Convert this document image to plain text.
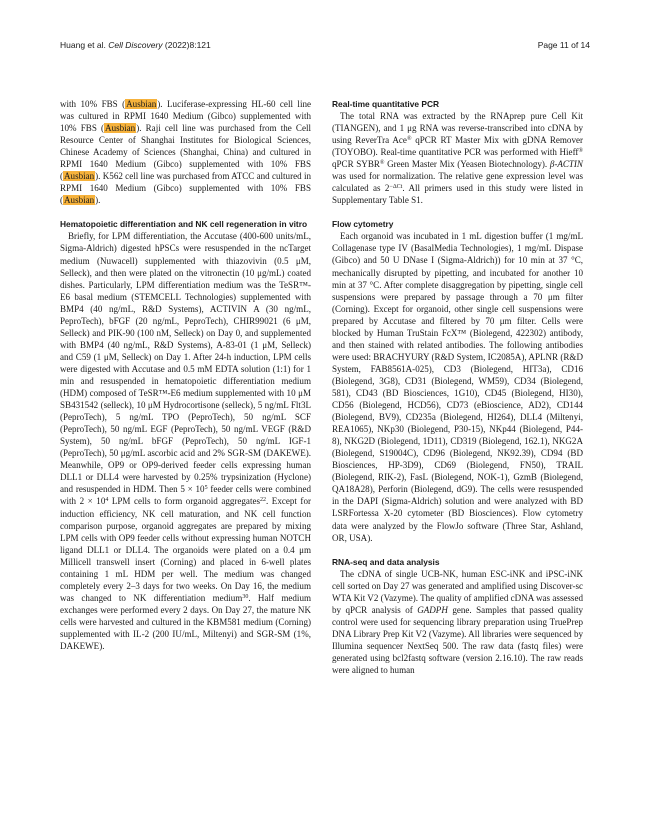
Huang et al. Cell Discovery (2022)8:121	Page 11 of 14

with 10% FBS (Ausbian). Luciferase-expressing HL-60 cell line was cultured in RPMI 1640 Medium (Gibco) supplemented with 10% FBS (Ausbian). Raji cell line was purchased from the Cell Resource Center of Shanghai Institutes for Biological Sciences, Chinese Academy of Sciences (Shanghai, China) and cultured in RPMI 1640 Medium (Gibco) supplemented with 10% FBS (Ausbian). K562 cell line was purchased from ATCC and cultured in RPMI 1640 Medium (Gibco) supplemented with 10% FBS (Ausbian).

Hematopoietic differentiation and NK cell regeneration in vitro

Briefly, for LPM differentiation, the Accutase (400-600 units/mL, Sigma-Aldrich) digested hPSCs were resuspended in the ncTarget medium (Nuwacell) supplemented with thiazovivin (0.5 μM, Selleck), and then were plated on the vitronectin (10 μg/mL) coated dishes. Particularly, LPM differentiation medium was the TeSR™-E6 basal medium (STEMCELL Technologies) supplemented with BMP4 (40 ng/mL, R&D Systems), ACTIVIN A (30 ng/mL, PeproTech), bFGF (20 ng/mL, PeproTech), CHIR99021 (6 μM, Selleck) and PIK-90 (100 nM, Selleck) on Day 0, and supplemented with BMP4 (40 ng/mL, R&D Systems), A-83-01 (1 μM, Selleck) and C59 (1 μM, Selleck) on Day 1. After 24-h induction, LPM cells were digested with Accutase and 0.5 mM EDTA solution (1:1) for 1 min and resuspended in hematopoietic differentiation medium (HDM) composed of TeSR™-E6 medium supplemented with 10 μM SB431542 (selleck), 10 μM Hydrocortisone (selleck), 5 ng/mL Flt3L (PeproTech), 5 ng/mL TPO (PeproTech), 50 ng/mL SCF (PeproTech), 50 ng/mL EGF (PeproTech), 50 ng/mL VEGF (R&D System), 50 ng/mL bFGF (PeproTech), 50 ng/mL IGF-1 (PeproTech), 50 μg/mL ascorbic acid and 2% SGR-SM (DAKEWE). Meanwhile, OP9 or OP9-derived feeder cells expressing human DLL1 or DLL4 were harvested by 0.25% trypsinization (Hyclone) and resuspended in HDM. Then $5 \times 10^5$ feeder cells were combined with $2 \times 10^4$ LPM cells to form organoid aggregates$^{22}$. Except for induction efficiency, NK cell maturation, and NK cell function comparison purpose, organoid aggregates are prepared by mixing LPM cells with OP9 feeder cells without expressing human NOTCH ligand DLL1 or DLL4. The organoids were plated on a 0.4 μm Millicell transwell insert (Corning) and placed in 6-well plates containing 1 mL HDM per well. The medium was changed completely every 2–3 days for two weeks. On Day 16, the medium was changed to NK differentiation medium$^{30}$. Half medium exchanges were performed every 2 days. On Day 27, the mature NK cells were harvested and cultured in the KBM581 medium (Corning) supplemented with IL-2 (200 IU/mL, Miltenyi) and SGR-SM (1%, DAKEWE).

Real-time quantitative PCR

The total RNA was extracted by the RNAprep pure Cell Kit (TIANGEN), and 1 μg RNA was reverse-transcribed into cDNA by using ReverTra Ace® qPCR RT Master Mix with gDNA Remover (TOYOBO). Real-time quantitative PCR was performed with Hieff® qPCR SYBR® Green Master Mix (Yeasen Biotechnology). β-ACTIN was used for normalization. The relative gene expression level was calculated as $2^{-\Delta Ct}$. All primers used in this study were listed in Supplementary Table S1.

Flow cytometry

Each organoid was incubated in 1 mL digestion buffer (1 mg/mL Collagenase type IV (BasalMedia Technologies), 1 mg/mL Dispase (Gibco) and 50 U DNase I (Sigma-Aldrich)) for 10 min at 37 °C, mechanically disrupted by pipetting, and incubated for another 10 min at 37 °C. After complete disaggregation by pipetting, single cell suspensions were prepared by passage through a 70 μm filter (Corning). Except for organoid, other single cell suspensions were prepared by Accutase and filtered by 70 μm filter. Cells were blocked by Human TruStain FcX™ (Biolegend, 422302) antibody, and then stained with related antibodies. The following antibodies were used: BRACHYURY (R&D System, IC2085A), APLNR (R&D System, FAB8561A-025), CD3 (Biolegend, HIT3a), CD16 (Biolegend, 3G8), CD31 (Biolegend, WM59), CD34 (Biolegend, 581), CD43 (BD Biosciences, 1G10), CD45 (Biolegend, HI30), CD56 (Biolegend, HCD56), CD73 (eBioscience, AD2), CD144 (Biolegend, BV9), CD235a (Biolegend, HI264), DLL4 (Miltenyi, REA1065), NKp30 (Biolegend, P30-15), NKp44 (Biolegend, P44-8), NKG2D (Biolegend, 1D11), CD319 (Biolegend, 162.1), NKG2A (Biolegend, S19004C), CD96 (Biolegend, NK92.39), CD94 (BD Biosciences, HP-3D9), CD69 (Biolegend, FN50), TRAIL (Biolegend, RIK-2), FasL (Biolegend, NOK-1), GzmB (Biolegend, QA18A28), Perforin (Biolegend, dG9). The cells were resuspended in the DAPI (Sigma-Aldrich) solution and were analyzed with BD LSRFortessa X-20 cytometer (BD Biosciences). Flow cytometry data were analyzed by the FlowJo software (Three Star, Ashland, OR, USA).

RNA-seq and data analysis

The cDNA of single UCB-NK, human ESC-iNK and iPSC-iNK cell sorted on Day 27 was generated and amplified using Discover-sc WTA Kit V2 (Vazyme). The quality of amplified cDNA was assessed by qPCR analysis of GADPH gene. Samples that passed quality control were used for sequencing library preparation using TruePrep DNA Library Prep Kit V2 (Vazyme). All libraries were sequenced by Illumina sequencer NextSeq 500. The raw data (fastq files) were generated using bcl2fastq software (version 2.16.10). The raw reads were aligned to human
